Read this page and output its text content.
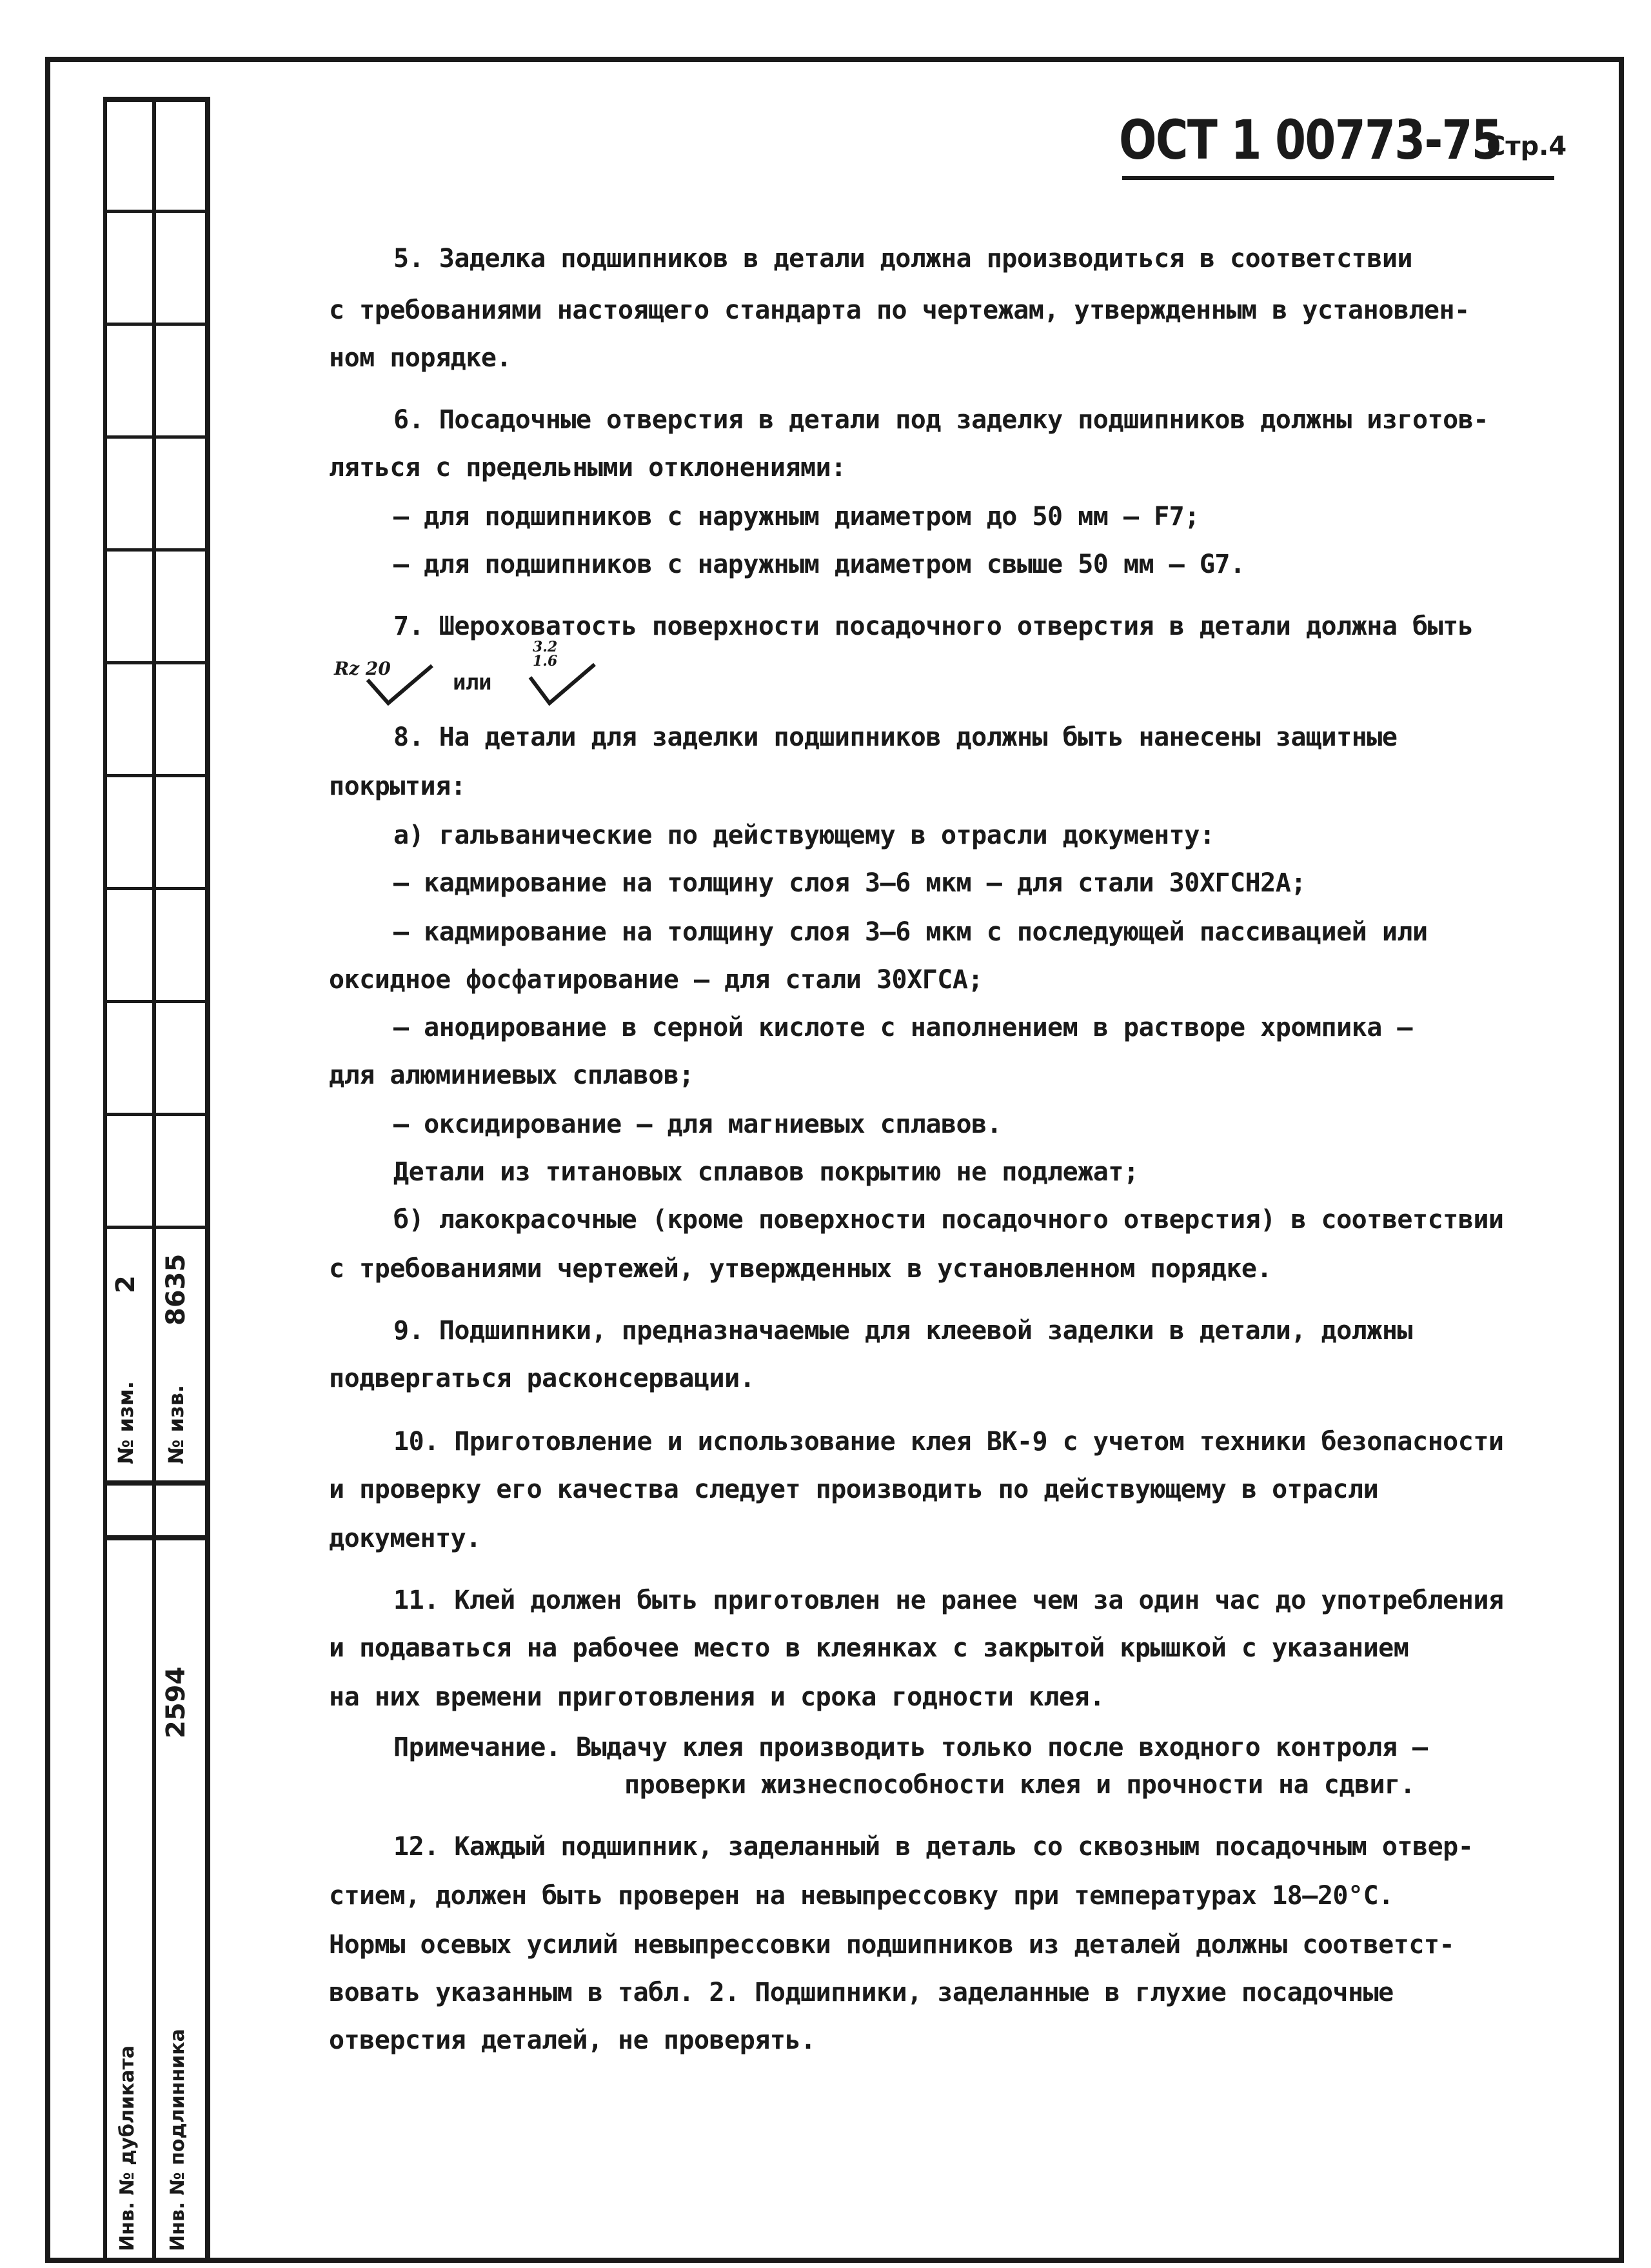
2 8635
№ изм. № изв.
2594
Инв. № дубликата Инв. № подлинника
ОСТ 1 00773-75
Стр.4
5. Заделка подшипников в детали должна производиться в соответствии
с требованиями настоящего стандарта по чертежам, утвержденным в установлен-
ном порядке.
6. Посадочные отверстия в детали под заделку подшипников должны изготов-
ляться с предельными отклонениями:
– для подшипников с наружным диаметром до 50 мм – F7;
– для подшипников с наружным диаметром свыше 50 мм – G7.
7. Шероховатость поверхности посадочного отверстия в детали должна быть
Rz 20
или
3.2 1.6
8. На детали для заделки подшипников должны быть нанесены защитные
покрытия:
а) гальванические по действующему в отрасли документу:
– кадмирование на толщину слоя 3–6 мкм – для стали 30ХГСН2А;
– кадмирование на толщину слоя 3–6 мкм с последующей пассивацией или
оксидное фосфатирование – для стали 30ХГСА;
– анодирование в серной кислоте с наполнением в растворе хромпика –
для алюминиевых сплавов;
– оксидирование – для магниевых сплавов.
Детали из титановых сплавов покрытию не подлежат;
б) лакокрасочные (кроме поверхности посадочного отверстия) в соответствии
с требованиями чертежей, утвержденных в установленном порядке.
9. Подшипники, предназначаемые для клеевой заделки в детали, должны
подвергаться расконсервации.
10. Приготовление и использование клея ВК-9 с учетом техники безопасности
и проверку его качества следует производить по действующему в отрасли
документу.
11. Клей должен быть приготовлен не ранее чем за один час до употребления
и подаваться на рабочее место в клеянках с закрытой крышкой с указанием
на них времени приготовления и срока годности клея.
Примечание. Выдачу клея производить только после входного контроля –
проверки жизнеспособности клея и прочности на сдвиг.
12. Каждый подшипник, заделанный в деталь со сквозным посадочным отвер-
стием, должен быть проверен на невыпрессовку при температурах 18–20°С.
Нормы осевых усилий невыпрессовки подшипников из деталей должны соответст-
вовать указанным в табл. 2. Подшипники, заделанные в глухие посадочные
отверстия деталей, не проверять.
